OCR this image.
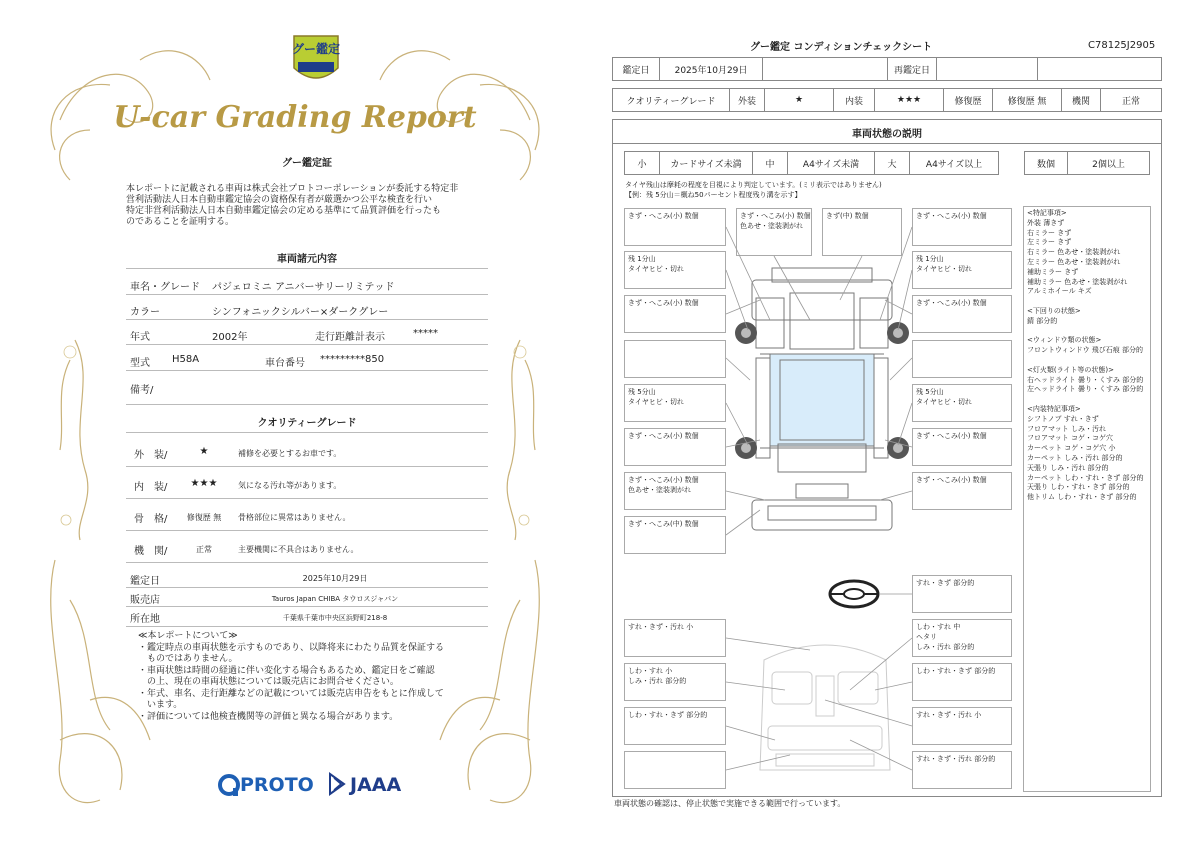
グー鑑定
U-car Grading Report
グー鑑定証
本レポートに記載される車両は株式会社プロトコーポレーションが委託する特定非
営利活動法人日本自動車鑑定協会の資格保有者が厳選かつ公平な検査を行い
特定非営利活動法人日本自動車鑑定協会の定める基準にて品質評価を行ったも
のであることを証明する。
車両諸元内容
車名・グレード パジェロミニ アニバーサリーリミテッド
カラー	シンフォニックシルバー×ダークグレー
年式	2002年	走行距離計表示	*****
型式 H58A	車台番号 *********850
備考/
クオリティーグレード
外　装/	★	補修を必要とするお車です。
内　装/	★★★	気になる汚れ等があります。
骨　格/	修復歴 無	骨格部位に異常はありません。
機　関/	正常	主要機関に不具合はありません。
鑑定日	2025年10月29日
販売店	Tauros Japan CHIBA タウロスジャパン
所在地	千葉県千葉市中央区浜野町218-8
≪本レポートについて≫
・鑑定時点の車両状態を示すものであり、以降将来にわたり品質を保証する
　ものではありません。
・車両状態は時間の経過に伴い変化する場合もあるため、鑑定日をご確認
　の上、現在の車両状態については販売店にお問合せください。
・年式、車名、走行距離などの記載については販売店申告をもとに作成して
　います。
・評価については他検査機関等の評価と異なる場合があります。
PROTO JAAA
グー鑑定 コンディションチェックシート	C78125J2905
鑑定日	2025年10月29日	再鑑定日
クオリティーグレード	外装	★	内装	★★★	修復歴	修復歴 無	機関	正常
車両状態の説明
小	カードサイズ未満	中	A4サイズ未満	大	A4サイズ以上	数個	2個以上
タイヤ残山は摩耗の程度を目視により判定しています。(ミリ表示ではありません)
【例：残 5分山＝概ね50パーセント程度残り溝を示す】
きず・へこみ(小) 数個
残 1分山
タイヤヒビ・切れ
きず・へこみ(小) 数個
残 5分山
タイヤヒビ・切れ
きず・へこみ(小) 数個
きず・へこみ(小) 数個
色あせ・塗装剥がれ
きず・へこみ(中) 数個
きず・へこみ(小) 数個
色あせ・塗装剥がれ
きず(中) 数個	きず・へこみ(小) 数個
残 1分山
タイヤヒビ・切れ
きず・へこみ(小) 数個
残 5分山
タイヤヒビ・切れ
きず・へこみ(小) 数個
きず・へこみ(小) 数個
<特記事項>
外装 薄きず
右ミラー きず
左ミラー きず
右ミラー 色あせ・塗装剥がれ
左ミラー 色あせ・塗装剥がれ
補助ミラー きず
補助ミラー 色あせ・塗装剥がれ
アルミホイール キズ
<下回りの状態>
錆 部分的
<ウィンドウ類の状態>
フロントウィンドウ 飛び石痕 部分的
<灯火類(ライト等の状態)>
右ヘッドライト 曇り・くすみ 部分的
左ヘッドライト 曇り・くすみ 部分的
<内装特記事項>
シフトノブ すれ・きず
フロアマット しみ・汚れ
フロアマット コゲ・コゲ穴
カーペット コゲ・コゲ穴 小
カーペット しみ・汚れ 部分的
天張り しみ・汚れ 部分的
カーペット しわ・すれ・きず 部分的
天張り しわ・すれ・きず 部分的
他トリム しわ・すれ・きず 部分的
すれ・きず 部分的
しわ・すれ 中
ヘタリ
しみ・汚れ 部分的
しわ・すれ・きず 部分的
すれ・きず・汚れ 小
すれ・きず・汚れ 部分的
すれ・きず・汚れ 小
しわ・すれ 小
しみ・汚れ 部分的
しわ・すれ・きず 部分的
車両状態の確認は、停止状態で実施できる範囲で行っています。
